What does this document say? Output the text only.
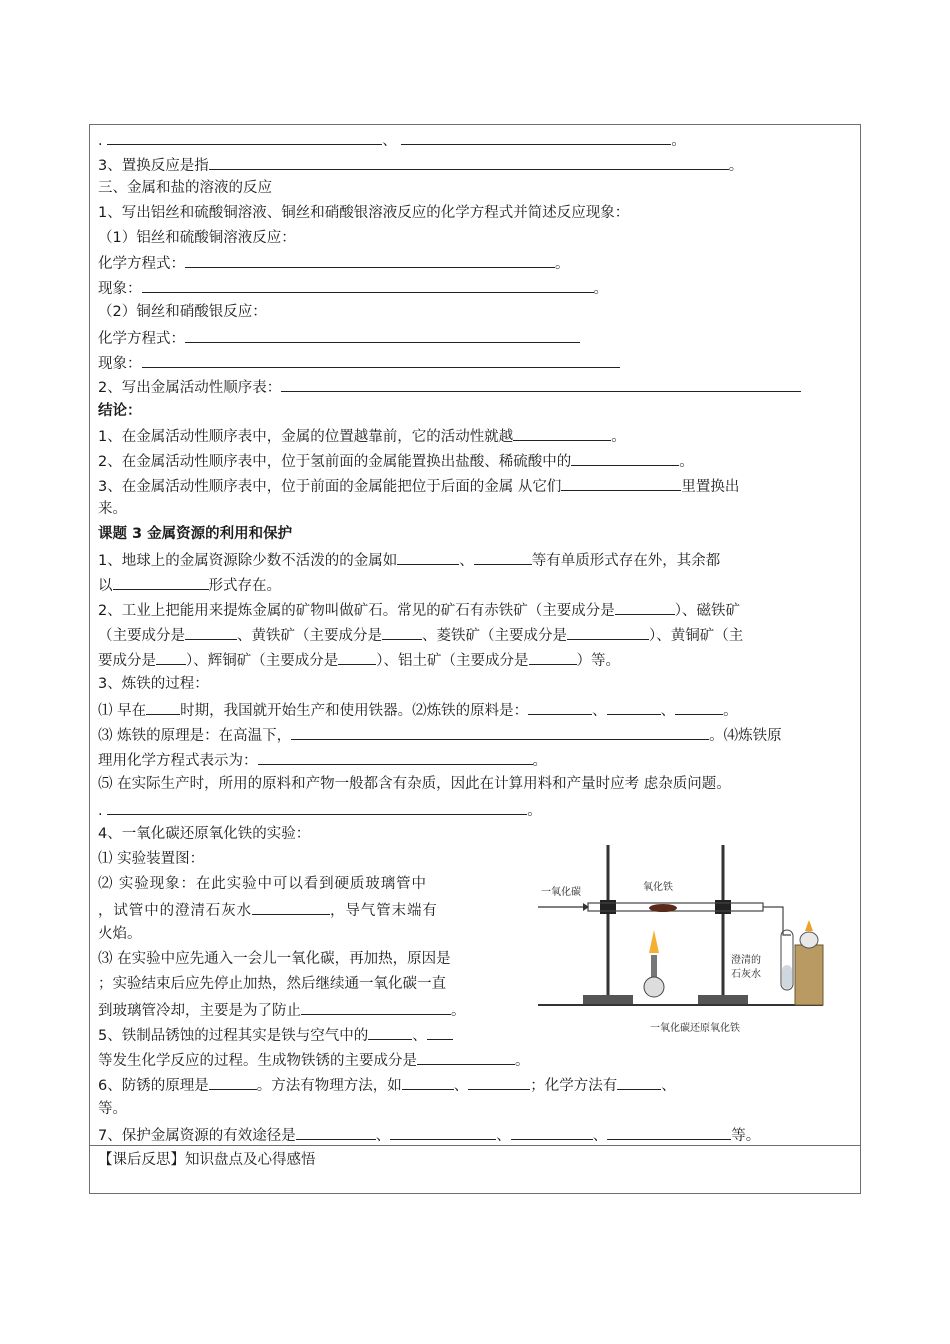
.	、	。
3、置换反应是指	。
三、金属和盐的溶液的反应
1、写出铝丝和硫酸铜溶液、铜丝和硝酸银溶液反应的化学方程式并简述反应现象：
（1）铝丝和硫酸铜溶液反应：
化学方程式：	。
现象：	。
（2）铜丝和硝酸银反应：
化学方程式：
现象：
2、写出金属活动性顺序表：
结论：
1、在金属活动性顺序表中，金属的位置越靠前，它的活动性就越	。
2、在金属活动性顺序表中，位于氢前面的金属能置换出盐酸、稀硫酸中的	。
3、在金属活动性顺序表中，位于前面的金属能把位于后面的金属 从它们	里置换出
来。
课题 3 金属资源的利用和保护
1、地球上的金属资源除少数不活泼的的金属如	、	等有单质形式存在外，其余都
以	形式存在。
2、工业上把能用来提炼金属的矿物叫做矿石。常见的矿石有赤铁矿（主要成分是	）、磁铁矿
（主要成分是	、黄铁矿（主要成分是	、菱铁矿（主要成分是	）、黄铜矿（主
要成分是 ）、辉铜矿（主要成分是	）、铝土矿（主要成分是	）等。
3、炼铁的过程：
⑴ 早在 时期，我国就开始生产和使用铁器。⑵炼铁的原料是：	、	、	。
⑶ 炼铁的原理是：在高温下，	。⑷炼铁原
理用化学方程式表示为：	。
⑸ 在实际生产时，所用的原料和产物一般都含有杂质，因此在计算用料和产量时应考 虑杂质问题。
.	。
4、一氧化碳还原氧化铁的实验：
⑴ 实验装置图：
⑵ 实验现象：在此实验中可以看到硬质玻璃管中
，试管中的澄清石灰水	，导气管末端有
火焰。
⑶ 在实验中应先通入一会儿一氧化碳，再加热，原因是
；实验结束后应先停止加热，然后继续通一氧化碳一直
到玻璃管冷却，主要是为了防止	。
5、铁制品锈蚀的过程其实是铁与空气中的	、
等发生化学反应的过程。生成物铁锈的主要成分是	。
6、防锈的原理是	。方法有物理方法，如	、	；化学方法有	、
等。
7、保护金属资源的有效途径是	、	、	、	等。
【课后反思】知识盘点及心得感悟
一氧化碳	氧化铁
澄清的
石灰水
一氧化碳还原氧化铁
